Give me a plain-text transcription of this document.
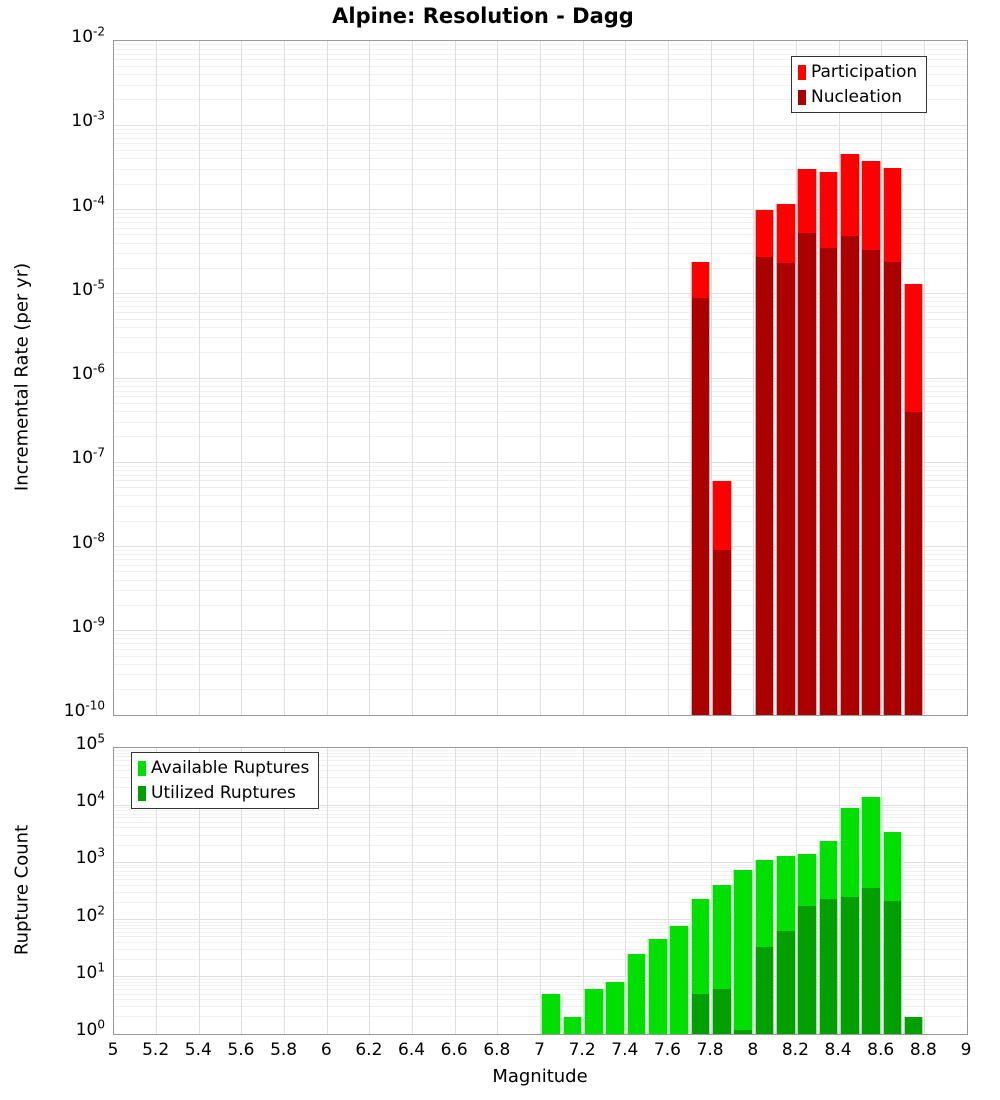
Alpine: Resolution - Dagg
$10^{-2}$
$10^{-3}$
$10^{-4}$
$10^{-5}$
$10^{-6}$
$10^{-7}$
$10^{-8}$
$10^{-9}$
$10^{-10}$
$10^5$
$10^4$
$10^3$
$10^2$
$10^1$
$10^0$
5 5.2 5.4 5.6 5.8 6 6.2 6.4 6.6 6.8 7 7.2 7.4 7.6 7.8 8 8.2 8.4 8.6 8.8 9
Incremental Rate (per yr)
Rupture Count
Magnitude
Participation
Nucleation
Available Ruptures
Utilized Ruptures
